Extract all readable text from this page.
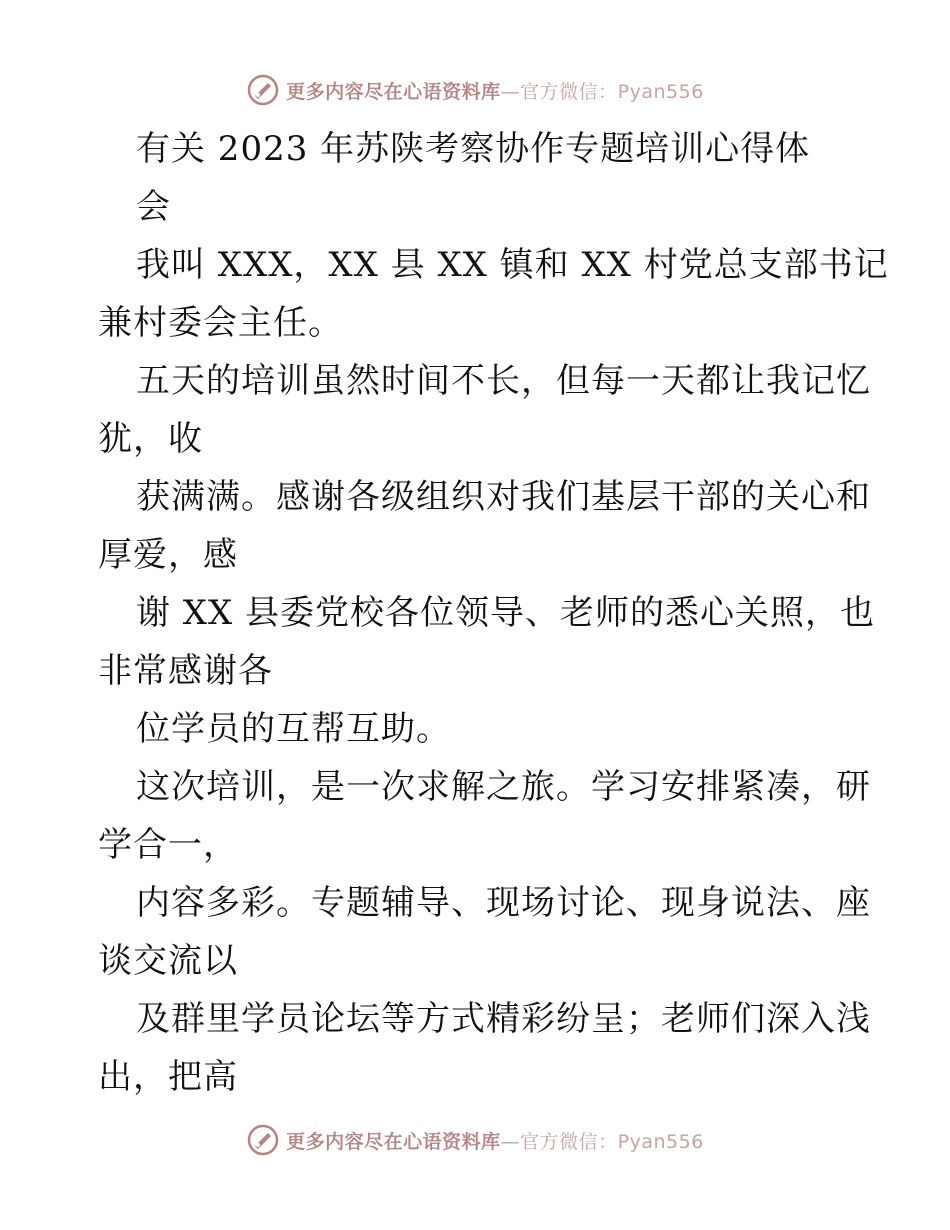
更多内容尽在心语资料库—官方微信：Pyan556
有关 2023 年苏陕考察协作专题培训心得体
会
我叫 XXX，XX 县 XX 镇和 XX 村党总支部书记
兼村委会主任。
五天的培训虽然时间不长，但每一天都让我记忆
犹，收
获满满。感谢各级组织对我们基层干部的关心和
厚爱，感
谢 XX 县委党校各位领导、老师的悉心关照，也
非常感谢各
位学员的互帮互助。
这次培训，是一次求解之旅。学习安排紧凑，研
学合一，
内容多彩。专题辅导、现场讨论、现身说法、座
谈交流以
及群里学员论坛等方式精彩纷呈；老师们深入浅
出，把高
更多内容尽在心语资料库—官方微信：Pyan556
